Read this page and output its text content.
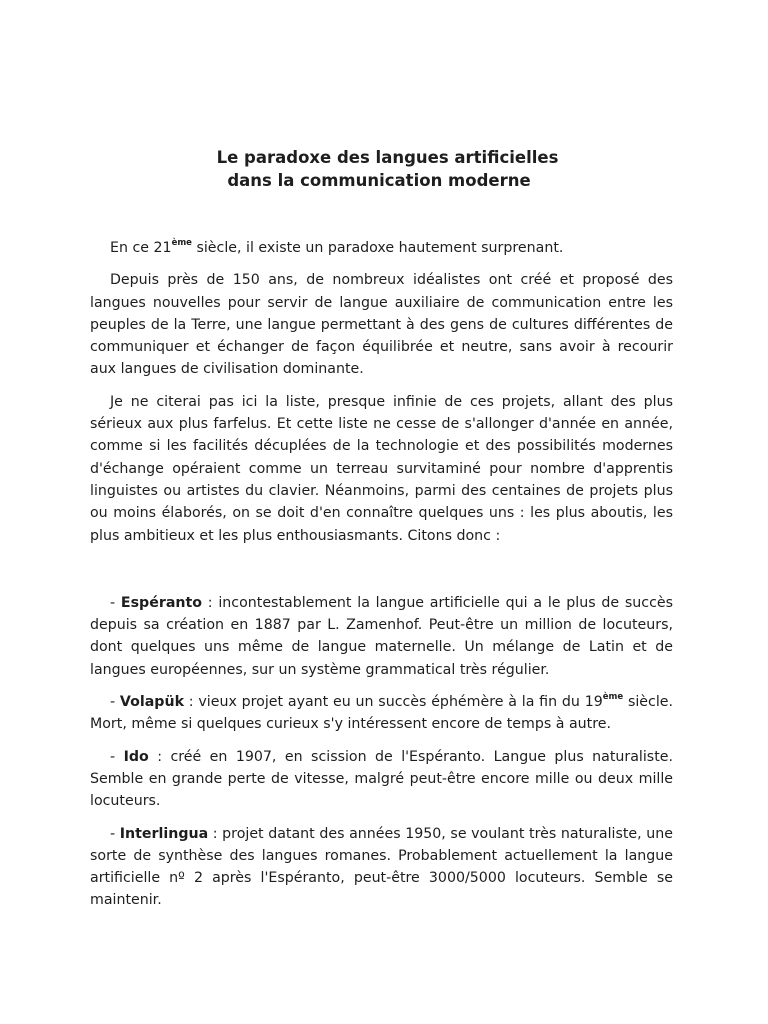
Le paradoxe des langues artificielles
dans la communication moderne

En ce 21ème siècle, il existe un paradoxe hautement surprenant.

Depuis près de 150 ans, de nombreux idéalistes ont créé et proposé des langues nouvelles pour servir de langue auxiliaire de communication entre les peuples de la Terre, une langue permettant à des gens de cultures différentes de communiquer et échanger de façon équilibrée et neutre, sans avoir à recourir aux langues de civilisation dominante.

Je ne citerai pas ici la liste, presque infinie de ces projets, allant des plus sérieux aux plus farfelus. Et cette liste ne cesse de s'allonger d'année en année, comme si les facilités décuplées de la technologie et des possibilités modernes d'échange opéraient comme un terreau survitaminé pour nombre d'apprentis linguistes ou artistes du clavier. Néanmoins, parmi des centaines de projets plus ou moins élaborés, on se doit d'en connaître quelques uns : les plus aboutis, les plus ambitieux et les plus enthousiasmants. Citons donc :

- Espéranto : incontestablement la langue artificielle qui a le plus de succès depuis sa création en 1887 par L. Zamenhof. Peut-être un million de locuteurs, dont quelques uns même de langue maternelle. Un mélange de Latin et de langues européennes, sur un système grammatical très régulier.

- Volapük : vieux projet ayant eu un succès éphémère à la fin du 19ème siècle. Mort, même si quelques curieux s'y intéressent encore de temps à autre.

- Ido : créé en 1907, en scission de l'Espéranto. Langue plus naturaliste. Semble en grande perte de vitesse, malgré peut-être encore mille ou deux mille locuteurs.

- Interlingua : projet datant des années 1950, se voulant très naturaliste, une sorte de synthèse des langues romanes. Probablement actuellement la langue artificielle nº 2 après l'Espéranto, peut-être 3000/5000 locuteurs. Semble se maintenir.
